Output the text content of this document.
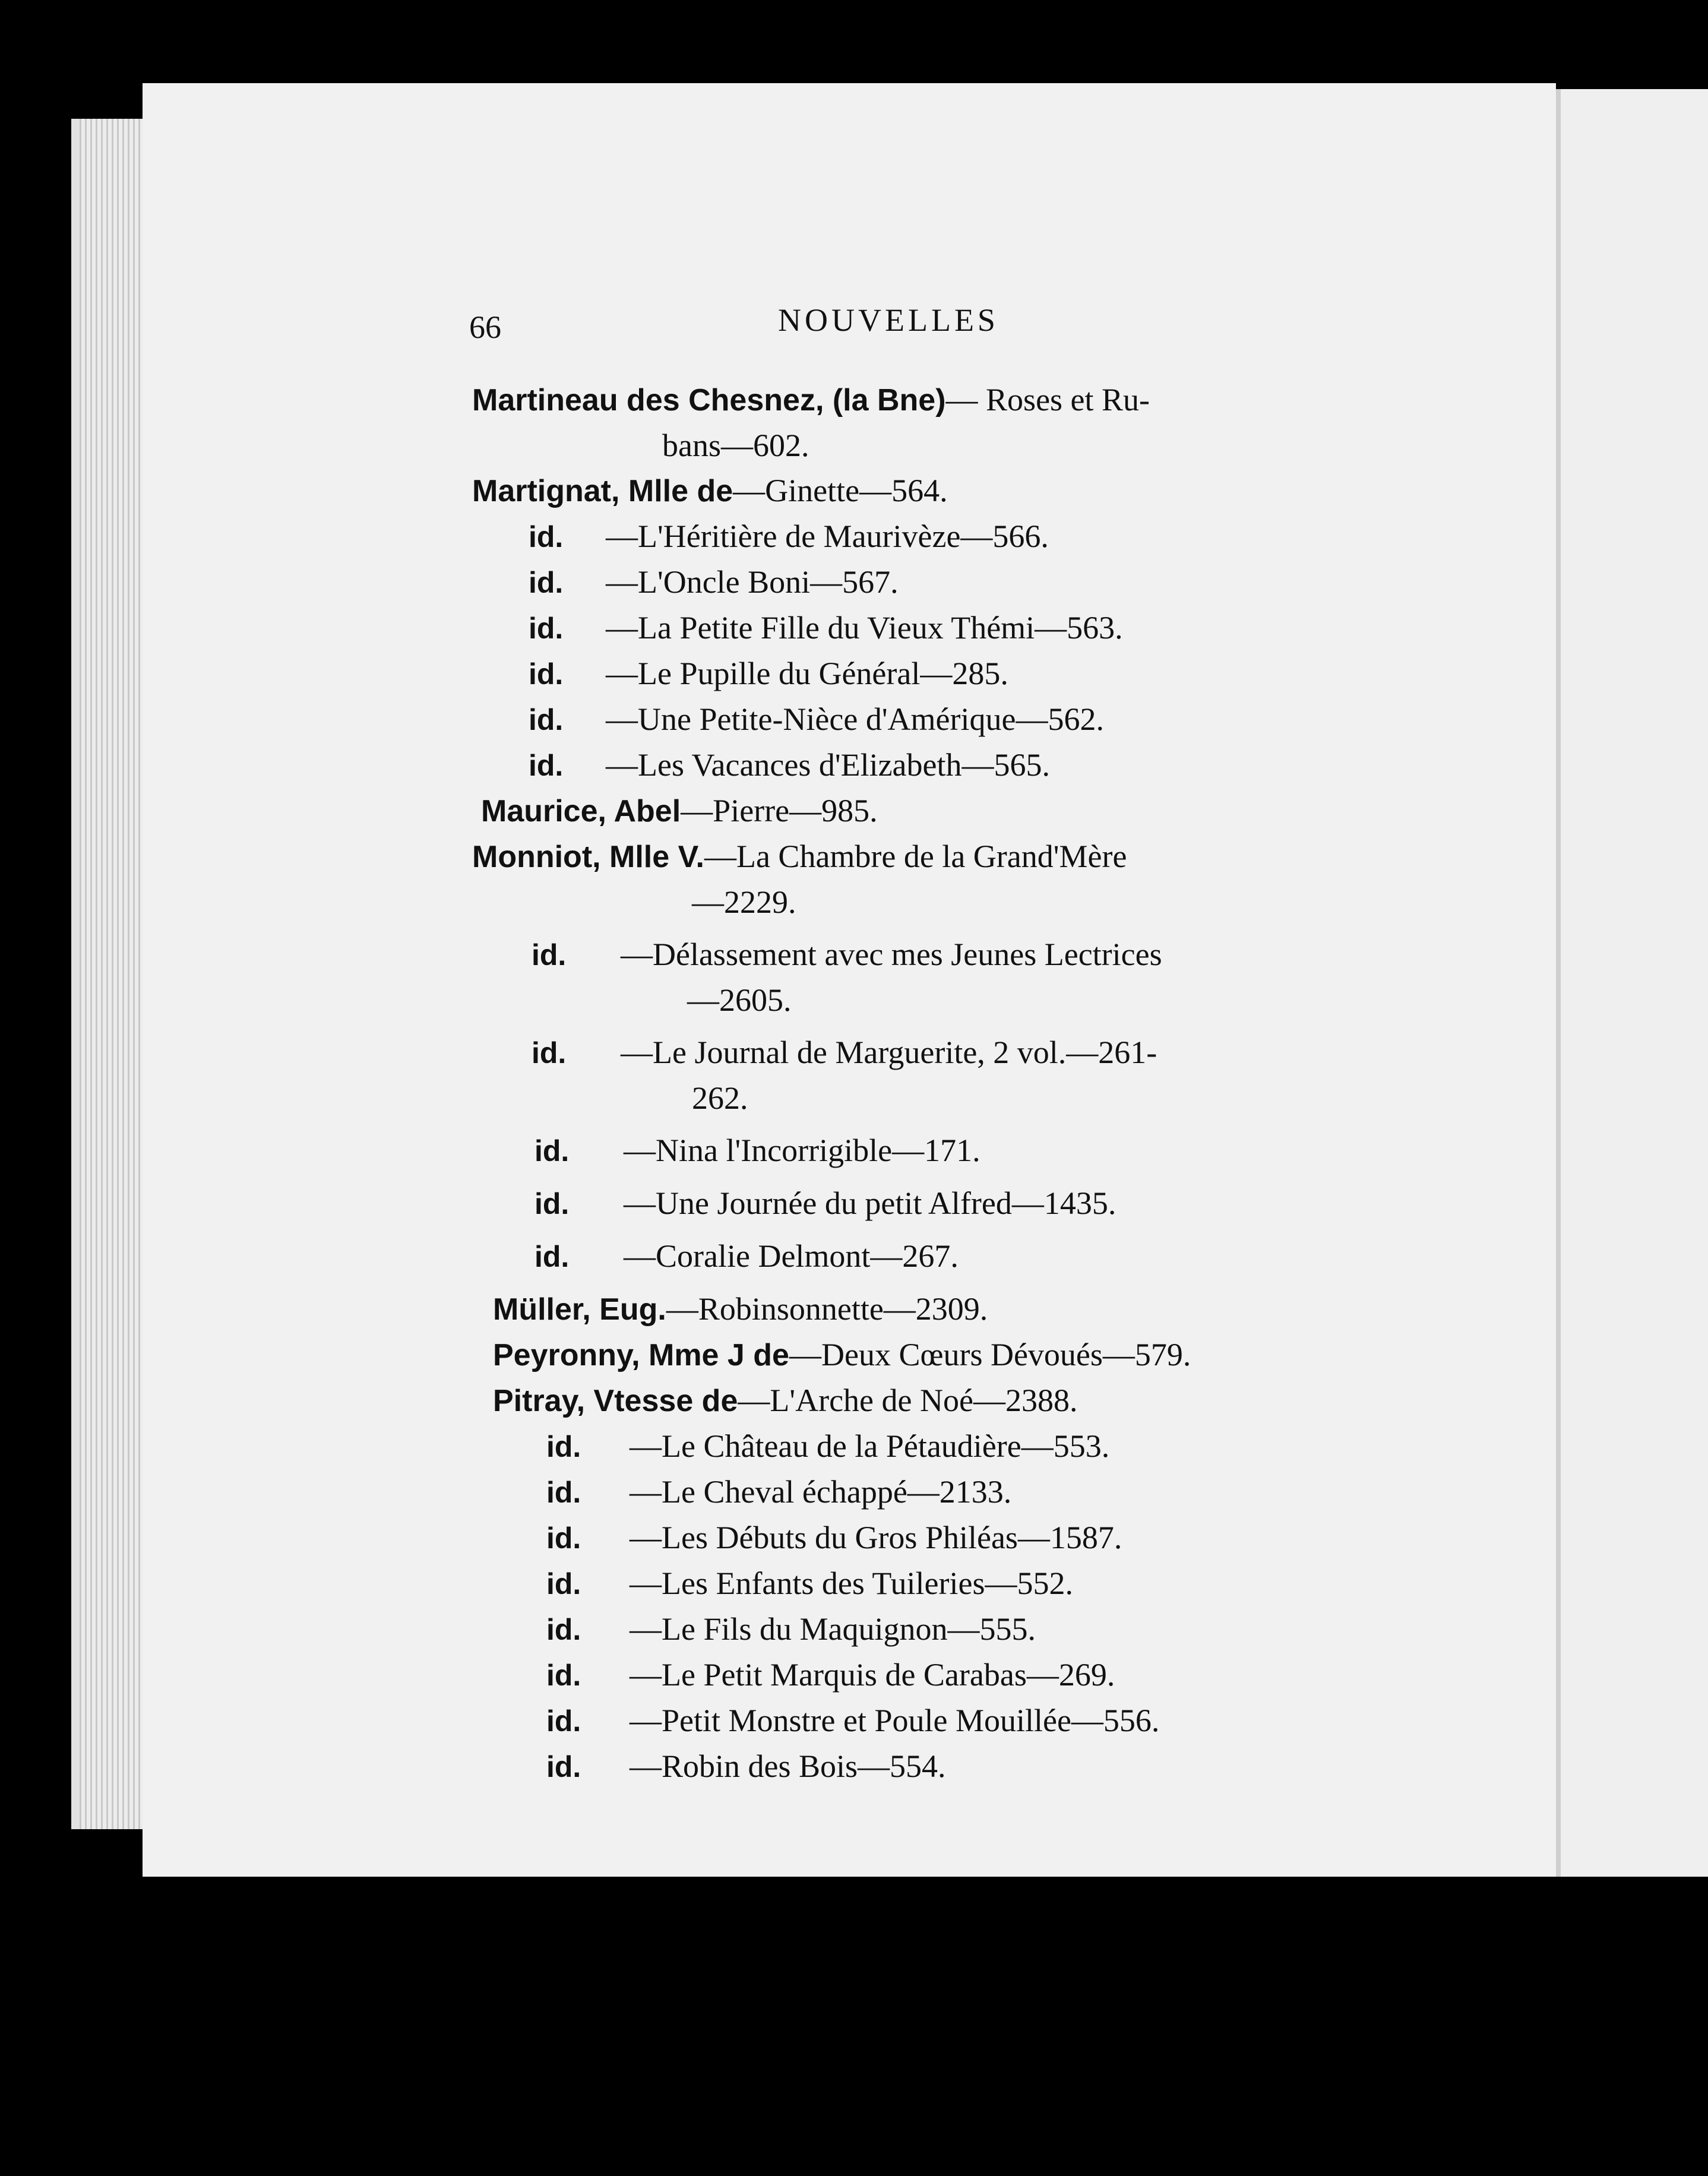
66	NOUVELLES
Martineau des Chesnez, (la Bne)— Roses et Ru-
bans—602.
Martignat, Mlle de—Ginette—564.
id. —L'Héritière de Maurivèze—566.
id. —L'Oncle Boni—567.
id. —La Petite Fille du Vieux Thémi—563.
id. —Le Pupille du Général—285.
id. —Une Petite-Nièce d'Amérique—562.
id. —Les Vacances d'Elizabeth—565.
Maurice, Abel—Pierre—985.
Monniot, Mlle V.—La Chambre de la Grand'Mère
—2229.
id. —Délassement avec mes Jeunes Lectrices
—2605.
id. —Le Journal de Marguerite, 2 vol.—261-
262.
id. —Nina l'Incorrigible—171.
id. —Une Journée du petit Alfred—1435.
id. —Coralie Delmont—267.
Müller, Eug.—Robinsonnette—2309.
Peyronny, Mme J de—Deux Cœurs Dévoués—579.
Pitray, Vtesse de—L'Arche de Noé—2388.
id. —Le Château de la Pétaudière—553.
id. —Le Cheval échappé—2133.
id. —Les Débuts du Gros Philéas—1587.
id. —Les Enfants des Tuileries—552.
id. —Le Fils du Maquignon—555.
id. —Le Petit Marquis de Carabas—269.
id. —Petit Monstre et Poule Mouillée—556.
id. —Robin des Bois—554.
